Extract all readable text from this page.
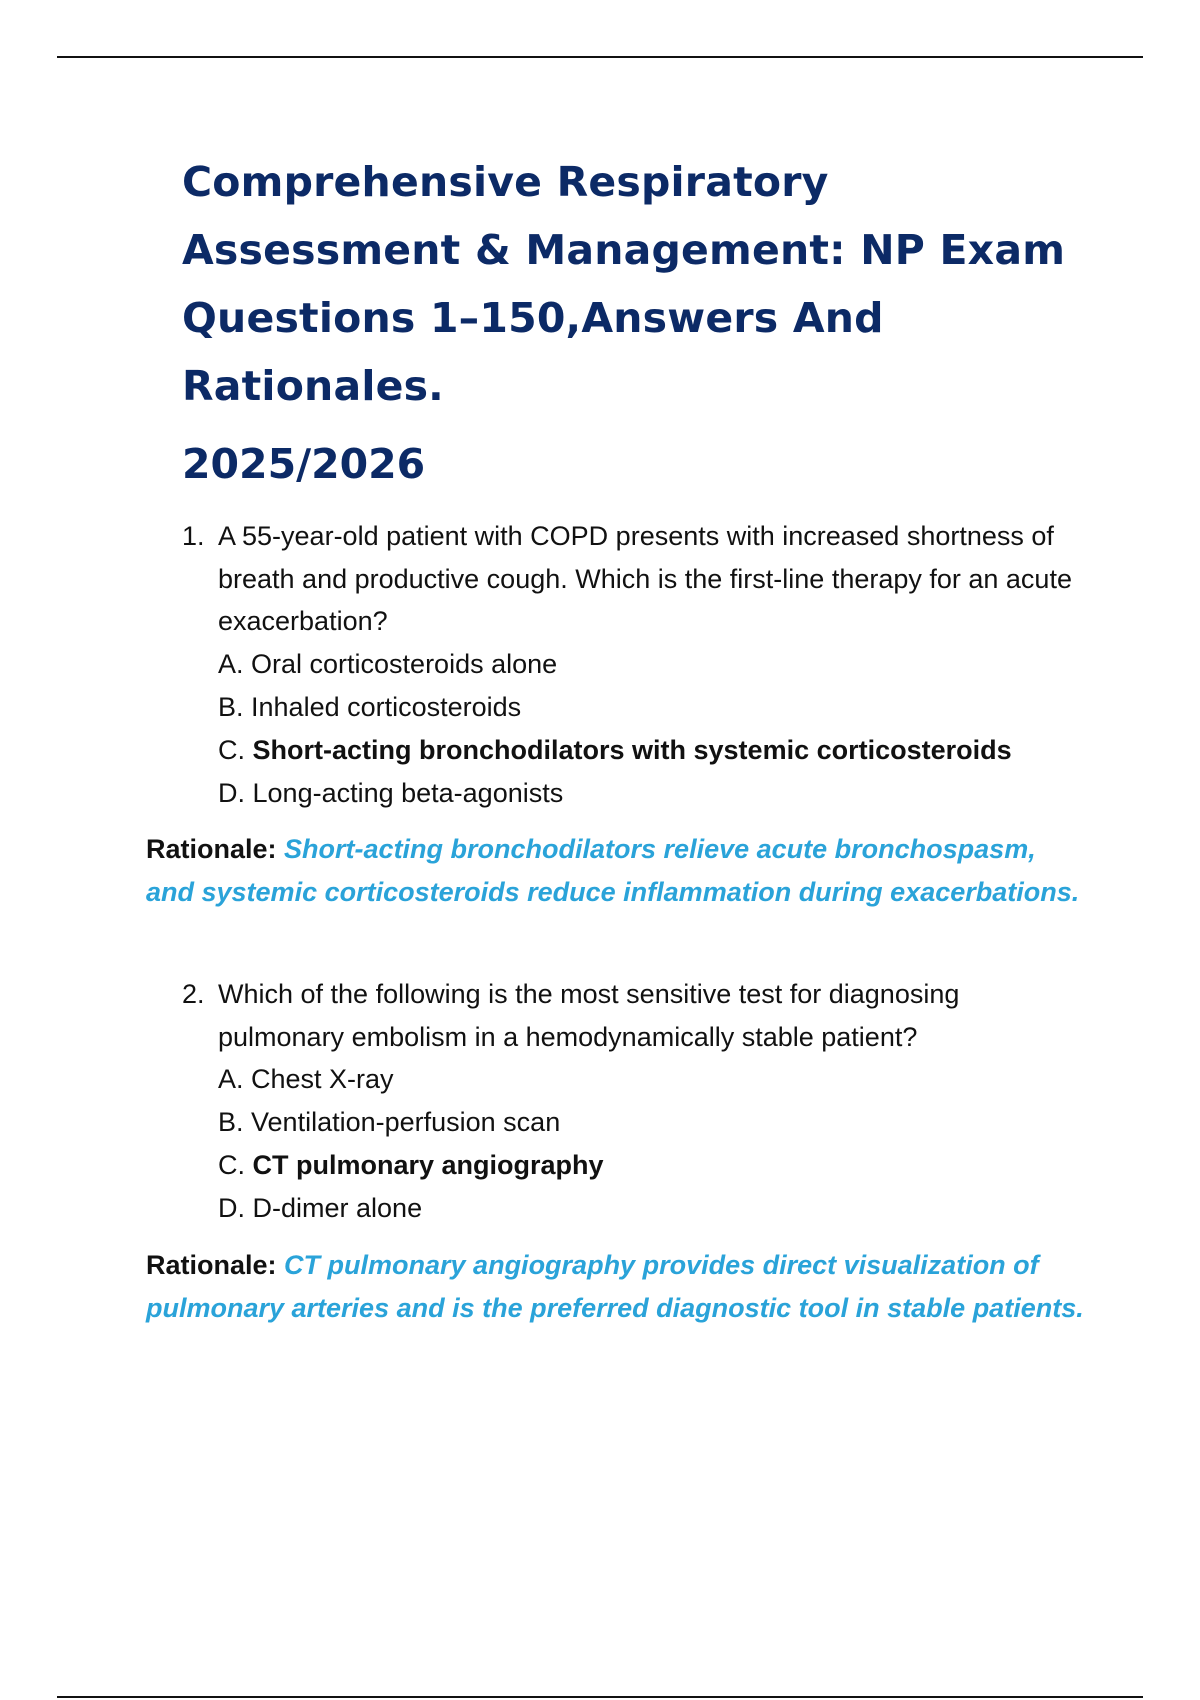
Comprehensive Respiratory Assessment & Management: NP Exam Questions 1–150,Answers And Rationales.
2025/2026
1. A 55-year-old patient with COPD presents with increased shortness of breath and productive cough. Which is the first-line therapy for an acute exacerbation?
A. Oral corticosteroids alone
B. Inhaled corticosteroids
C. Short-acting bronchodilators with systemic corticosteroids
D. Long-acting beta-agonists
Rationale: Short-acting bronchodilators relieve acute bronchospasm, and systemic corticosteroids reduce inflammation during exacerbations.
2. Which of the following is the most sensitive test for diagnosing pulmonary embolism in a hemodynamically stable patient?
A. Chest X-ray
B. Ventilation-perfusion scan
C. CT pulmonary angiography
D. D-dimer alone
Rationale: CT pulmonary angiography provides direct visualization of pulmonary arteries and is the preferred diagnostic tool in stable patients.
